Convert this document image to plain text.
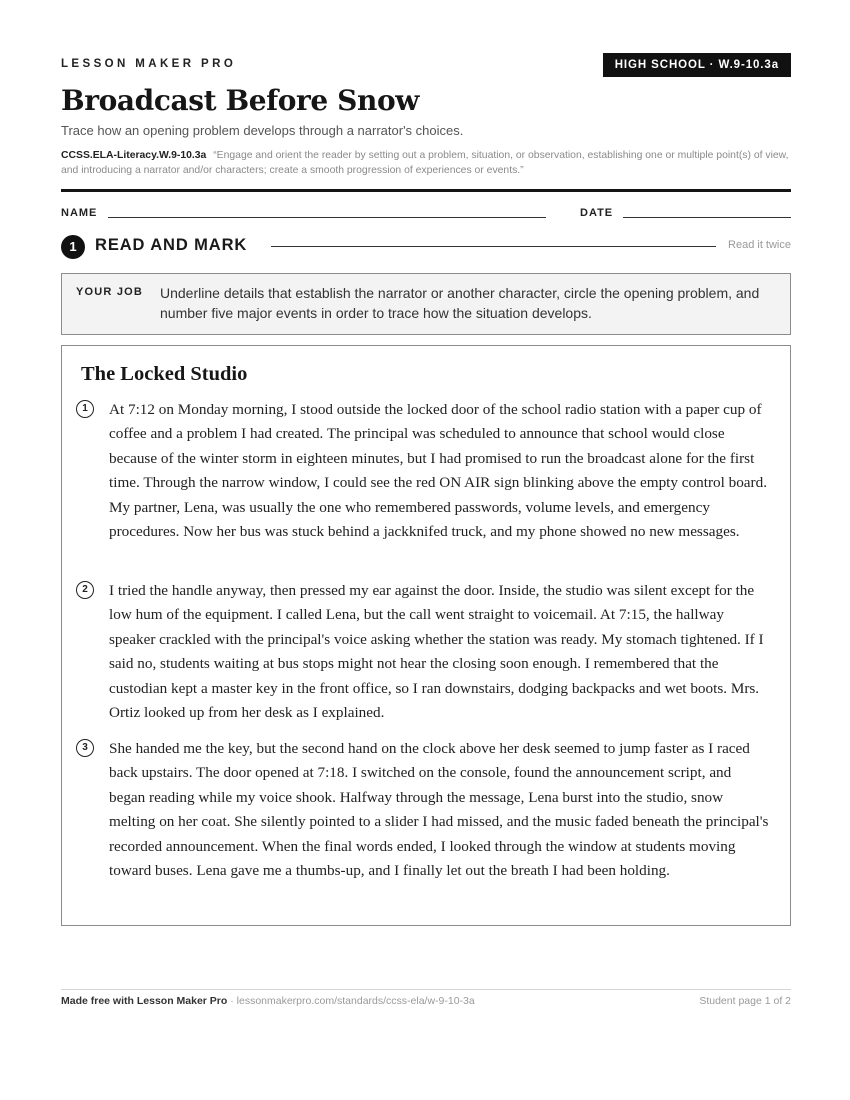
LESSON MAKER PRO	HIGH SCHOOL · W.9-10.3a
Broadcast Before Snow
Trace how an opening problem develops through a narrator's choices.
CCSS.ELA-Literacy.W.9-10.3a “Engage and orient the reader by setting out a problem, situation, or observation, establishing one or multiple point(s) of view, and introducing a narrator and/or characters; create a smooth progression of experiences or events.”
NAME	DATE
1	READ AND MARK	Read it twice
YOUR JOB Underline details that establish the narrator or another character, circle the opening problem, and number five major events in order to trace how the situation develops.
The Locked Studio
1	At 7:12 on Monday morning, I stood outside the locked door of the school radio station with a paper cup of coffee and a problem I had created. The principal was scheduled to announce that school would close because of the winter storm in eighteen minutes, but I had promised to run the broadcast alone for the first time. Through the narrow window, I could see the red ON AIR sign blinking above the empty control board. My partner, Lena, was usually the one who remembered passwords, volume levels, and emergency procedures. Now her bus was stuck behind a jackknifed truck, and my phone showed no new messages.

2	I tried the handle anyway, then pressed my ear against the door. Inside, the studio was silent except for the low hum of the equipment. I called Lena, but the call went straight to voicemail. At 7:15, the hallway speaker crackled with the principal's voice asking whether the station was ready. My stomach tightened. If I said no, students waiting at bus stops might not hear the closing soon enough. I remembered that the custodian kept a master key in the front office, so I ran downstairs, dodging backpacks and wet boots. Mrs. Ortiz looked up from her desk as I explained.

3	She handed me the key, but the second hand on the clock above her desk seemed to jump faster as I raced back upstairs. The door opened at 7:18. I switched on the console, found the announcement script, and began reading while my voice shook. Halfway through the message, Lena burst into the studio, snow melting on her coat. She silently pointed to a slider I had missed, and the music faded beneath the principal's recorded announcement. When the final words ended, I looked through the window at students moving toward buses. Lena gave me a thumbs-up, and I finally let out the breath I had been holding.

Made free with Lesson Maker Pro · lessonmakerpro.com/standards/ccss-ela/w-9-10-3a	Student page 1 of 2
